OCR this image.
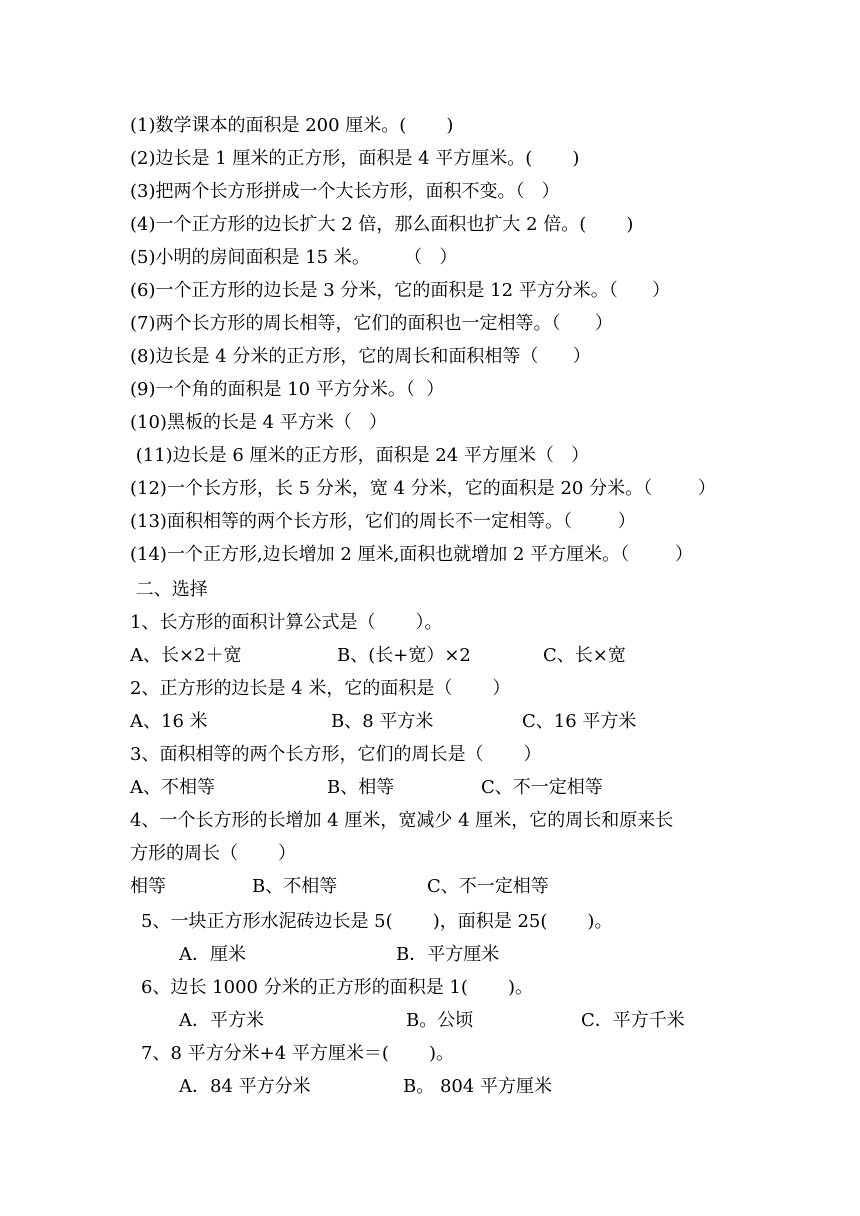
(1)数学课本的面积是 200 厘米。(       )
(2)边长是 1 厘米的正方形，面积是 4 平方厘米。(       )
(3)把两个长方形拼成一个大长方形，面积不变。（   ）
(4)一个正方形的边长扩大 2 倍，那么面积也扩大 2 倍。(       )
(5)小明的房间面积是 15 米。      （   ）
(6)一个正方形的边长是 3 分米，它的面积是 12 平方分米。（      ）
(7)两个长方形的周长相等，它们的面积也一定相等。（      ）
(8)边长是 4 分米的正方形，它的周长和面积相等（      ）
(9)一个角的面积是 10 平方分米。（  ）
(10)黑板的长是 4 平方米（   ）
(11)边长是 6 厘米的正方形，面积是 24 平方厘米（   ）
(12)一个长方形，长 5 分米，宽 4 分米，它的面积是 20 分米。（        ）
(13)面积相等的两个长方形，它们的周长不一定相等。（        ）
(14)一个正方形,边长增加 2 厘米,面积也就增加 2 平方厘米。（        ）
二、选择
1、长方形的面积计算公式是（       ）。
A、长×2＋宽	B、(长+宽）×2	C、长×宽
2、正方形的边长是 4 米，它的面积是（       ）
A、16 米	B、8 平方米	C、16 平方米
3、面积相等的两个长方形，它们的周长是（       ）
A、不相等	B、相等	C、不一定相等
4、一个长方形的长增加 4 厘米，宽减少 4 厘米，它的周长和原来长
方形的周长（       ）
相等	B、不相等	C、不一定相等
5、一块正方形水泥砖边长是 5(       )，面积是 25(       )。
A．厘米	B．平方厘米
6、边长 1000 分米的正方形的面积是 1(       )。
A．平方米	B。公顷	C．平方千米
7、8 平方分米+4 平方厘米＝(       )。
A．84 平方分米	B。 804 平方厘米
